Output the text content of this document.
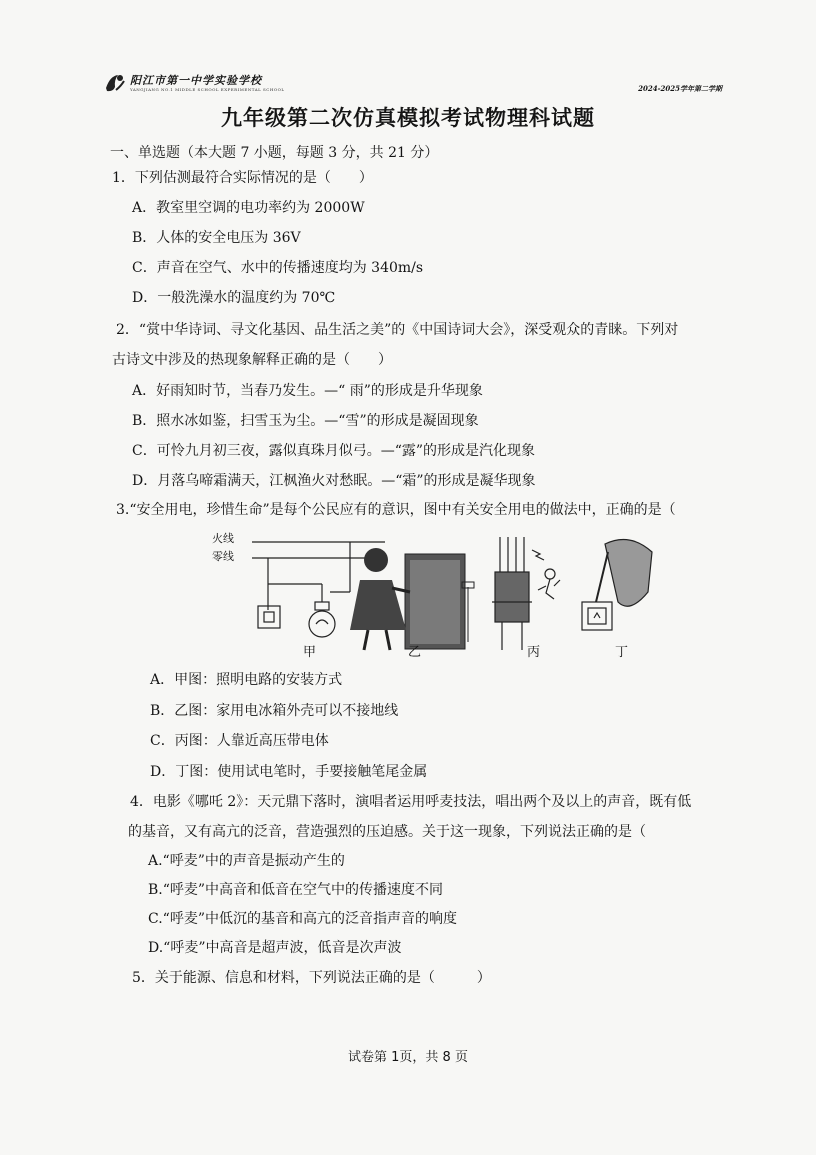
阳江市第一中学实验学校
YANGJIANG NO.1 MIDDLE SCHOOL EXPERIMENTAL SCHOOL	2024-2025学年第二学期
九年级第二次仿真模拟考试物理科试题
一、单选题（本大题 7 小题，每题 3 分，共 21 分）
1．下列估测最符合实际情况的是（　　）
A．教室里空调的电功率约为 2000W
B．人体的安全电压为 36V
C．声音在空气、水中的传播速度均为 340m/s
D．一般洗澡水的温度约为 70℃
2．“赏中华诗词、寻文化基因、品生活之美”的《中国诗词大会》，深受观众的青睐。下列对
古诗文中涉及的热现象解释正确的是（　　）
A．好雨知时节，当春乃发生。—“ 雨”的形成是升华现象
B．照水冰如鉴，扫雪玉为尘。—“雪”的形成是凝固现象
C．可怜九月初三夜，露似真珠月似弓。—“露”的形成是汽化现象
D．月落乌啼霜满天，江枫渔火对愁眠。—“霜”的形成是凝华现象
3.“安全用电，珍惜生命”是每个公民应有的意识，图中有关安全用电的做法中，正确的是（
火线
零线
甲	乙	丙	丁
A．甲图：照明电路的安装方式
B．乙图：家用电冰箱外壳可以不接地线
C．丙图：人靠近高压带电体
D．丁图：使用试电笔时，手要接触笔尾金属
4．电影《哪吒 2》：天元鼎下落时，演唱者运用呼麦技法，唱出两个及以上的声音，既有低
的基音，又有高亢的泛音，营造强烈的压迫感。关于这一现象，下列说法正确的是（
A.“呼麦”中的声音是振动产生的
B.“呼麦”中高音和低音在空气中的传播速度不同
C.“呼麦”中低沉的基音和高亢的泛音指声音的响度
D.“呼麦”中高音是超声波，低音是次声波
5．关于能源、信息和材料，下列说法正确的是（　　　）
试卷第 1页，共 8 页
